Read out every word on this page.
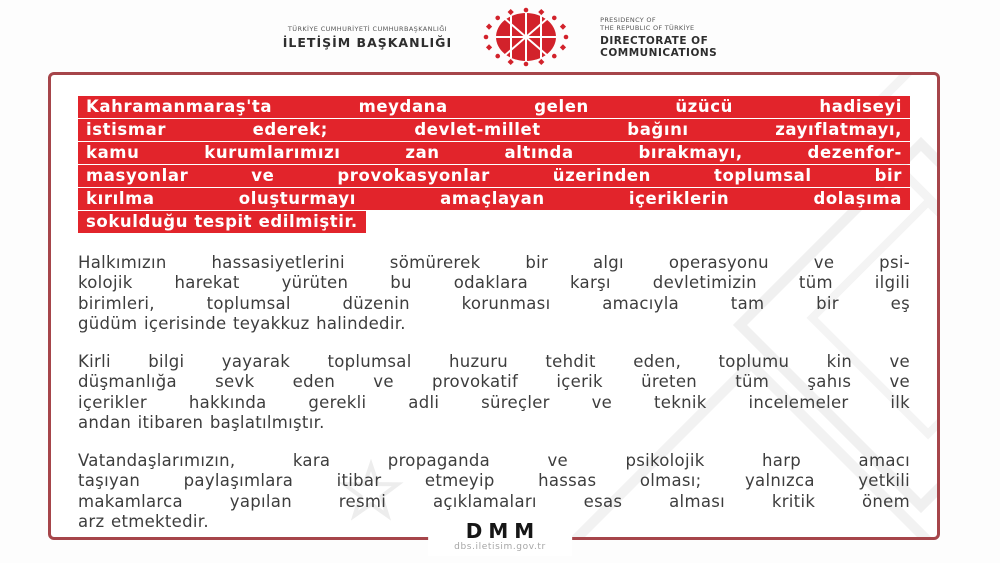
TÜRKİYE CUMHURİYETİ CUMHURBAŞKANLIĞI
İLETİŞİM BAŞKANLIĞI
PRESIDENCY OF
THE REPUBLIC OF TÜRKİYE
DIRECTORATE OF
COMMUNICATIONS
Kahramanmaraş'ta meydana gelen üzücü hadiseyi
istismar ederek; devlet-millet bağını zayıflatmayı,
kamu kurumlarımızı zan altında bırakmayı, dezenfor-
masyonlar ve provokasyonlar üzerinden toplumsal bir
kırılma oluşturmayı amaçlayan içeriklerin dolaşıma
sokulduğu tespit edilmiştir.
Halkımızın hassasiyetlerini sömürerek bir algı operasyonu ve psi-
kolojik harekat yürüten bu odaklara karşı devletimizin tüm ilgili
birimleri, toplumsal düzenin korunması amacıyla tam bir eş
güdüm içerisinde teyakkuz halindedir.
Kirli bilgi yayarak toplumsal huzuru tehdit eden, toplumu kin ve
düşmanlığa sevk eden ve provokatif içerik üreten tüm şahıs ve
içerikler hakkında gerekli adli süreçler ve teknik incelemeler ilk
andan itibaren başlatılmıştır.
Vatandaşlarımızın, kara propaganda ve psikolojik harp amacı
taşıyan paylaşımlara itibar etmeyip hassas olması; yalnızca yetkili
makamlarca yapılan resmi açıklamaları esas alması kritik önem
arz etmektedir.	DMM
dbs.iletisim.gov.tr
